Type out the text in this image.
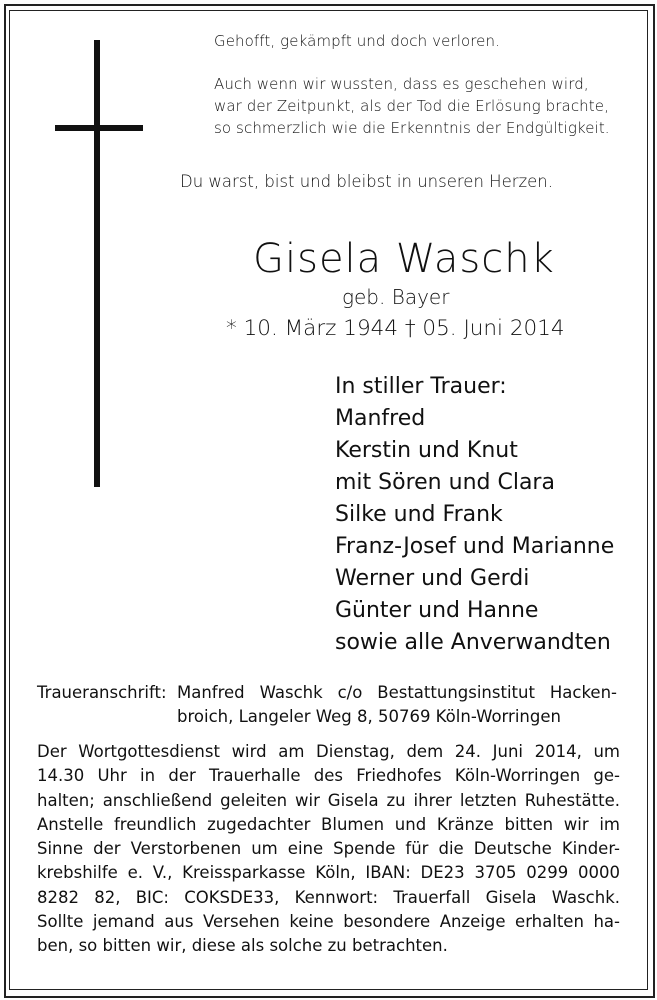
Gehofft, gekämpft und doch verloren.
Auch wenn wir wussten, dass es geschehen wird,
war der Zeitpunkt, als der Tod die Erlösung brachte,
so schmerzlich wie die Erkenntnis der Endgültigkeit.
Du warst, bist und bleibst in unseren Herzen.
Gisela Waschk
geb. Bayer
* 10. März 1944 † 05. Juni 2014
In stiller Trauer:
Manfred
Kerstin und Knut
mit Sören und Clara
Silke und Frank
Franz-Josef und Marianne
Werner und Gerdi
Günter und Hanne
sowie alle Anverwandten
Traueranschrift: Manfred Waschk c/o Bestattungsinstitut Hacken-
broich, Langeler Weg 8, 50769 Köln-Worringen
Der Wortgottesdienst wird am Dienstag, dem 24. Juni 2014, um
14.30 Uhr in der Trauerhalle des Friedhofes Köln-Worringen ge-
halten; anschließend geleiten wir Gisela zu ihrer letzten Ruhestätte.
Anstelle freundlich zugedachter Blumen und Kränze bitten wir im
Sinne der Verstorbenen um eine Spende für die Deutsche Kinder-
krebshilfe e. V., Kreissparkasse Köln, IBAN: DE23 3705 0299 0000
8282 82, BIC: COKSDE33, Kennwort: Trauerfall Gisela Waschk.
Sollte jemand aus Versehen keine besondere Anzeige erhalten ha-
ben, so bitten wir, diese als solche zu betrachten.
